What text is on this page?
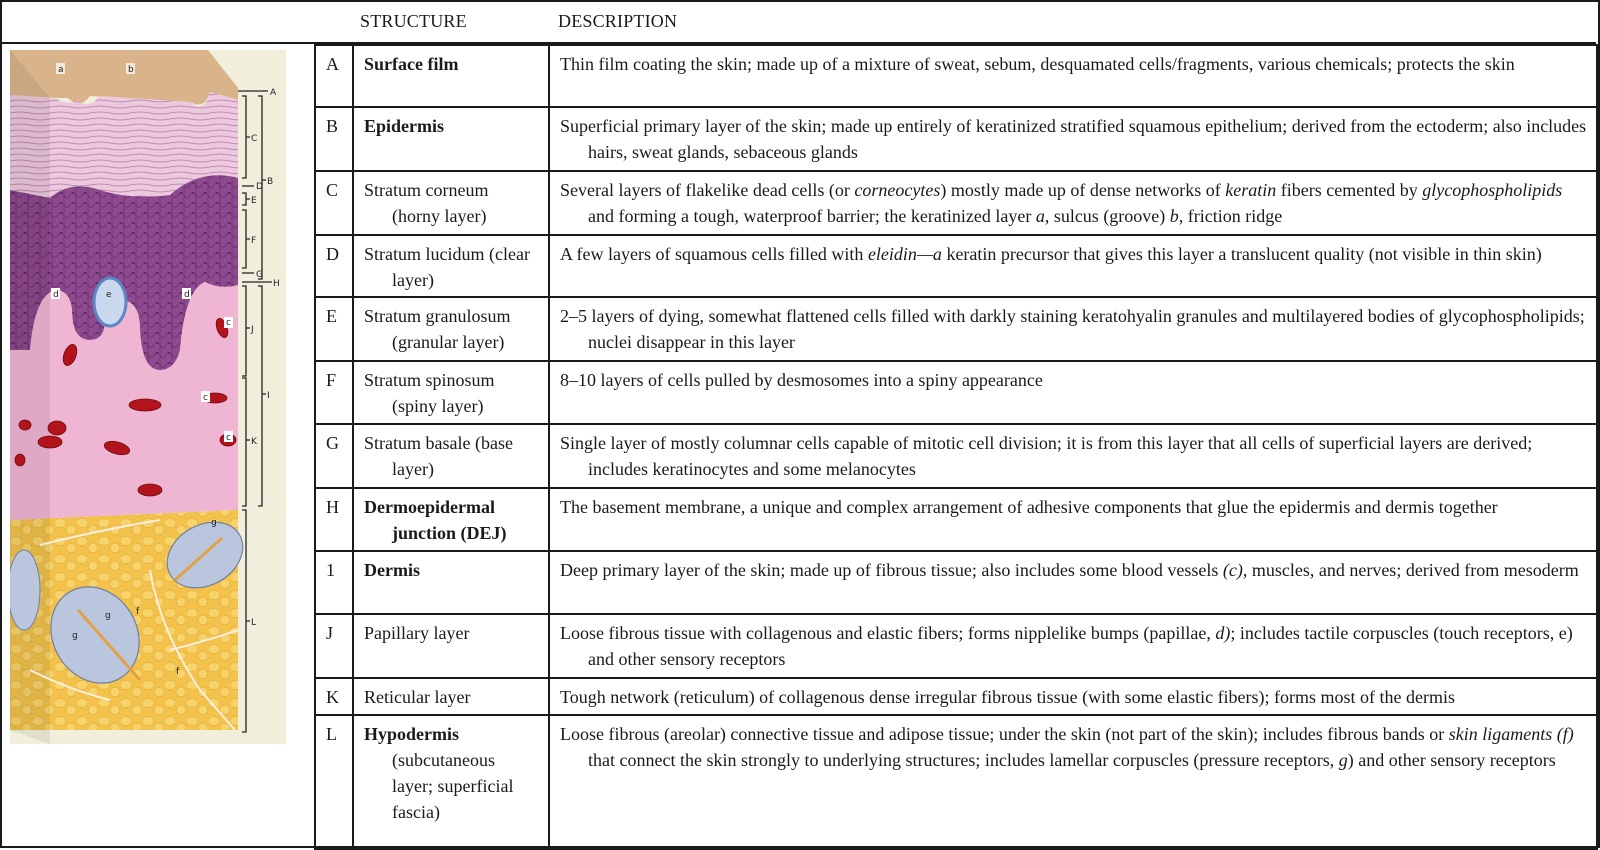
STRUCTURE	DESCRIPTION
A
C
D
E
F
G
B
H
J
I
K
L
a	b
d	d
e
c
c
c
g
g
g
f
f
A	Surface film	Thin film coating the skin; made up of a mixture of sweat, sebum, desquamated cells/fragments, various chemicals; protects the skin

B	Epidermis	Superficial primary layer of the skin; made up entirely of keratinized stratified squamous epithelium; derived from the ectoderm; also includes hairs, sweat glands, sebaceous glands

C	Stratum corneum (horny layer)	Several layers of flakelike dead cells (or corneocytes) mostly made up of dense networks of keratin fibers cemented by glycophospholipids and forming a tough, waterproof barrier; the keratinized layer a, sulcus (groove) b, friction ridge

D	Stratum lucidum (clear layer)	A few layers of squamous cells filled with eleidin—a keratin precursor that gives this layer a translucent quality (not visible in thin skin)

E	Stratum granulosum (granular layer)	2–5 layers of dying, somewhat flattened cells filled with darkly staining keratohyalin granules and multilayered bodies of glycophospholipids; nuclei disappear in this layer

F	Stratum spinosum (spiny layer)	8–10 layers of cells pulled by desmosomes into a spiny appearance

G	Stratum basale (base layer)	Single layer of mostly columnar cells capable of mitotic cell division; it is from this layer that all cells of superficial layers are derived; includes keratinocytes and some melanocytes

H	Dermoepidermal junction (DEJ)	The basement membrane, a unique and complex arrangement of adhesive components that glue the epidermis and dermis together

1	Dermis	Deep primary layer of the skin; made up of fibrous tissue; also includes some blood vessels (c), muscles, and nerves; derived from mesoderm

J	Papillary layer	Loose fibrous tissue with collagenous and elastic fibers; forms nipplelike bumps (papillae, d); includes tactile corpuscles (touch receptors, e) and other sensory receptors

K	Reticular layer	Tough network (reticulum) of collagenous dense irregular fibrous tissue (with some elastic fibers); forms most of the dermis

L	Hypodermis (subcutaneous layer; superficial fascia)	Loose fibrous (areolar) connective tissue and adipose tissue; under the skin (not part of the skin); includes fibrous bands or skin ligaments (f) that connect the skin strongly to underlying structures; includes lamellar corpuscles (pressure receptors, g) and other sensory receptors
